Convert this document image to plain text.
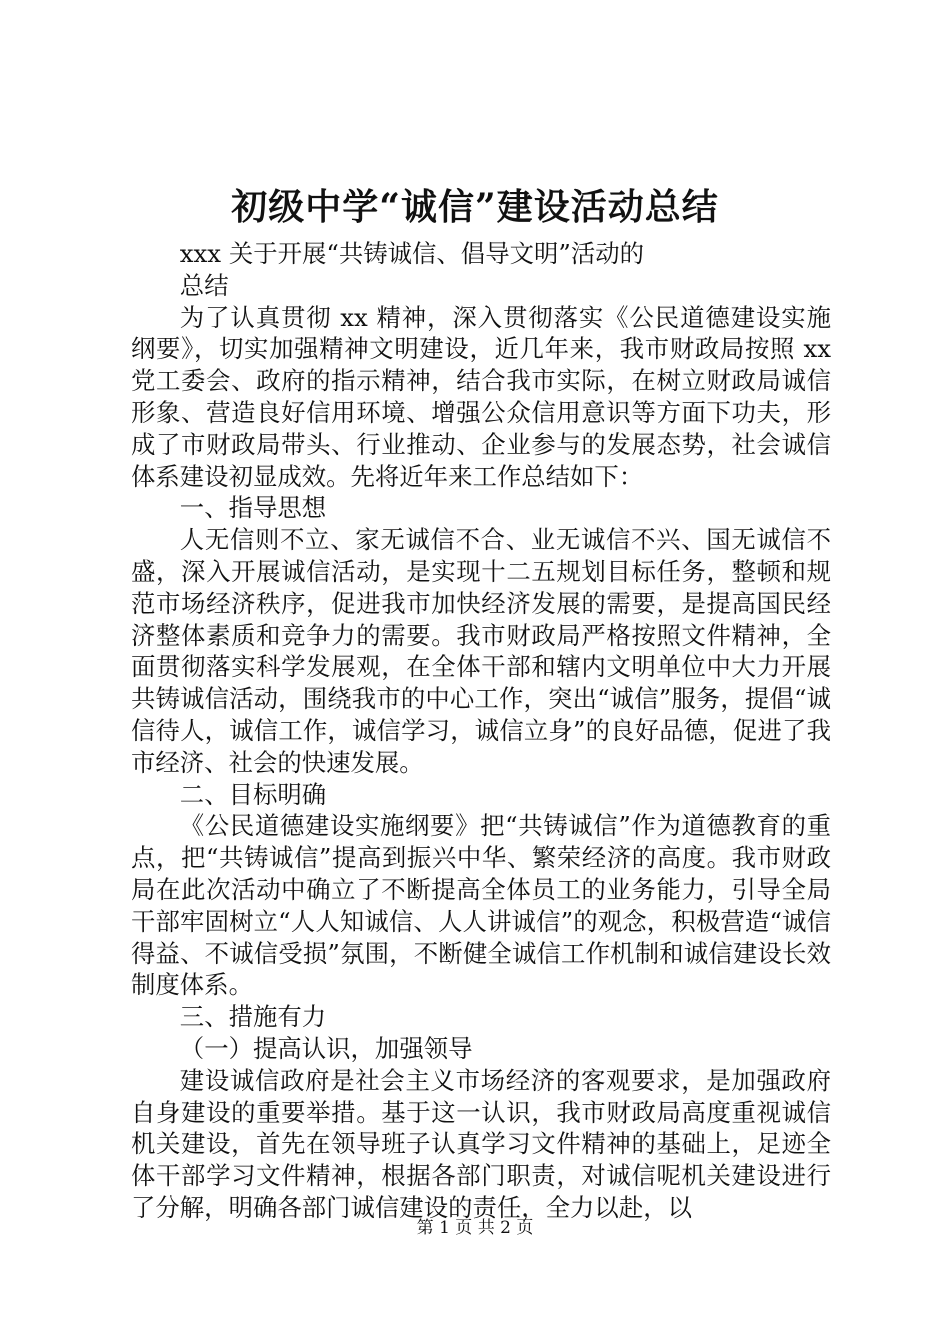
初级中学“诚信”建设活动总结

xxx 关于开展“共铸诚信、倡导文明”活动的

总结

为了认真贯彻 xx 精神，深入贯彻落实《公民道德建设实施纲要》，切实加强精神文明建设，近几年来，我市财政局按照 xx 党工委会、政府的指示精神，结合我市实际，在树立财政局诚信形象、营造良好信用环境、增强公众信用意识等方面下功夫，形成了市财政局带头、行业推动、企业参与的发展态势，社会诚信体系建设初显成效。先将近年来工作总结如下：

一、指导思想

人无信则不立、家无诚信不合、业无诚信不兴、国无诚信不盛，深入开展诚信活动，是实现十二五规划目标任务，整顿和规范市场经济秩序，促进我市加快经济发展的需要，是提高国民经济整体素质和竞争力的需要。我市财政局严格按照文件精神，全面贯彻落实科学发展观，在全体干部和辖内文明单位中大力开展共铸诚信活动，围绕我市的中心工作，突出“诚信”服务，提倡“诚信待人，诚信工作，诚信学习，诚信立身”的良好品德，促进了我市经济、社会的快速发展。

二、目标明确

《公民道德建设实施纲要》把“共铸诚信”作为道德教育的重点，把“共铸诚信”提高到振兴中华、繁荣经济的高度。我市财政局在此次活动中确立了不断提高全体员工的业务能力，引导全局干部牢固树立“人人知诚信、人人讲诚信”的观念，积极营造“诚信得益、不诚信受损”氛围，不断健全诚信工作机制和诚信建设长效制度体系。

三、措施有力

（一）提高认识，加强领导

建设诚信政府是社会主义市场经济的客观要求，是加强政府自身建设的重要举措。基于这一认识，我市财政局高度重视诚信机关建设，首先在领导班子认真学习文件精神的基础上，足迹全体干部学习文件精神，根据各部门职责，对诚信呢机关建设进行了分解，明确各部门诚信建设的责任，全力以赴，以

第 1 页 共 2 页
